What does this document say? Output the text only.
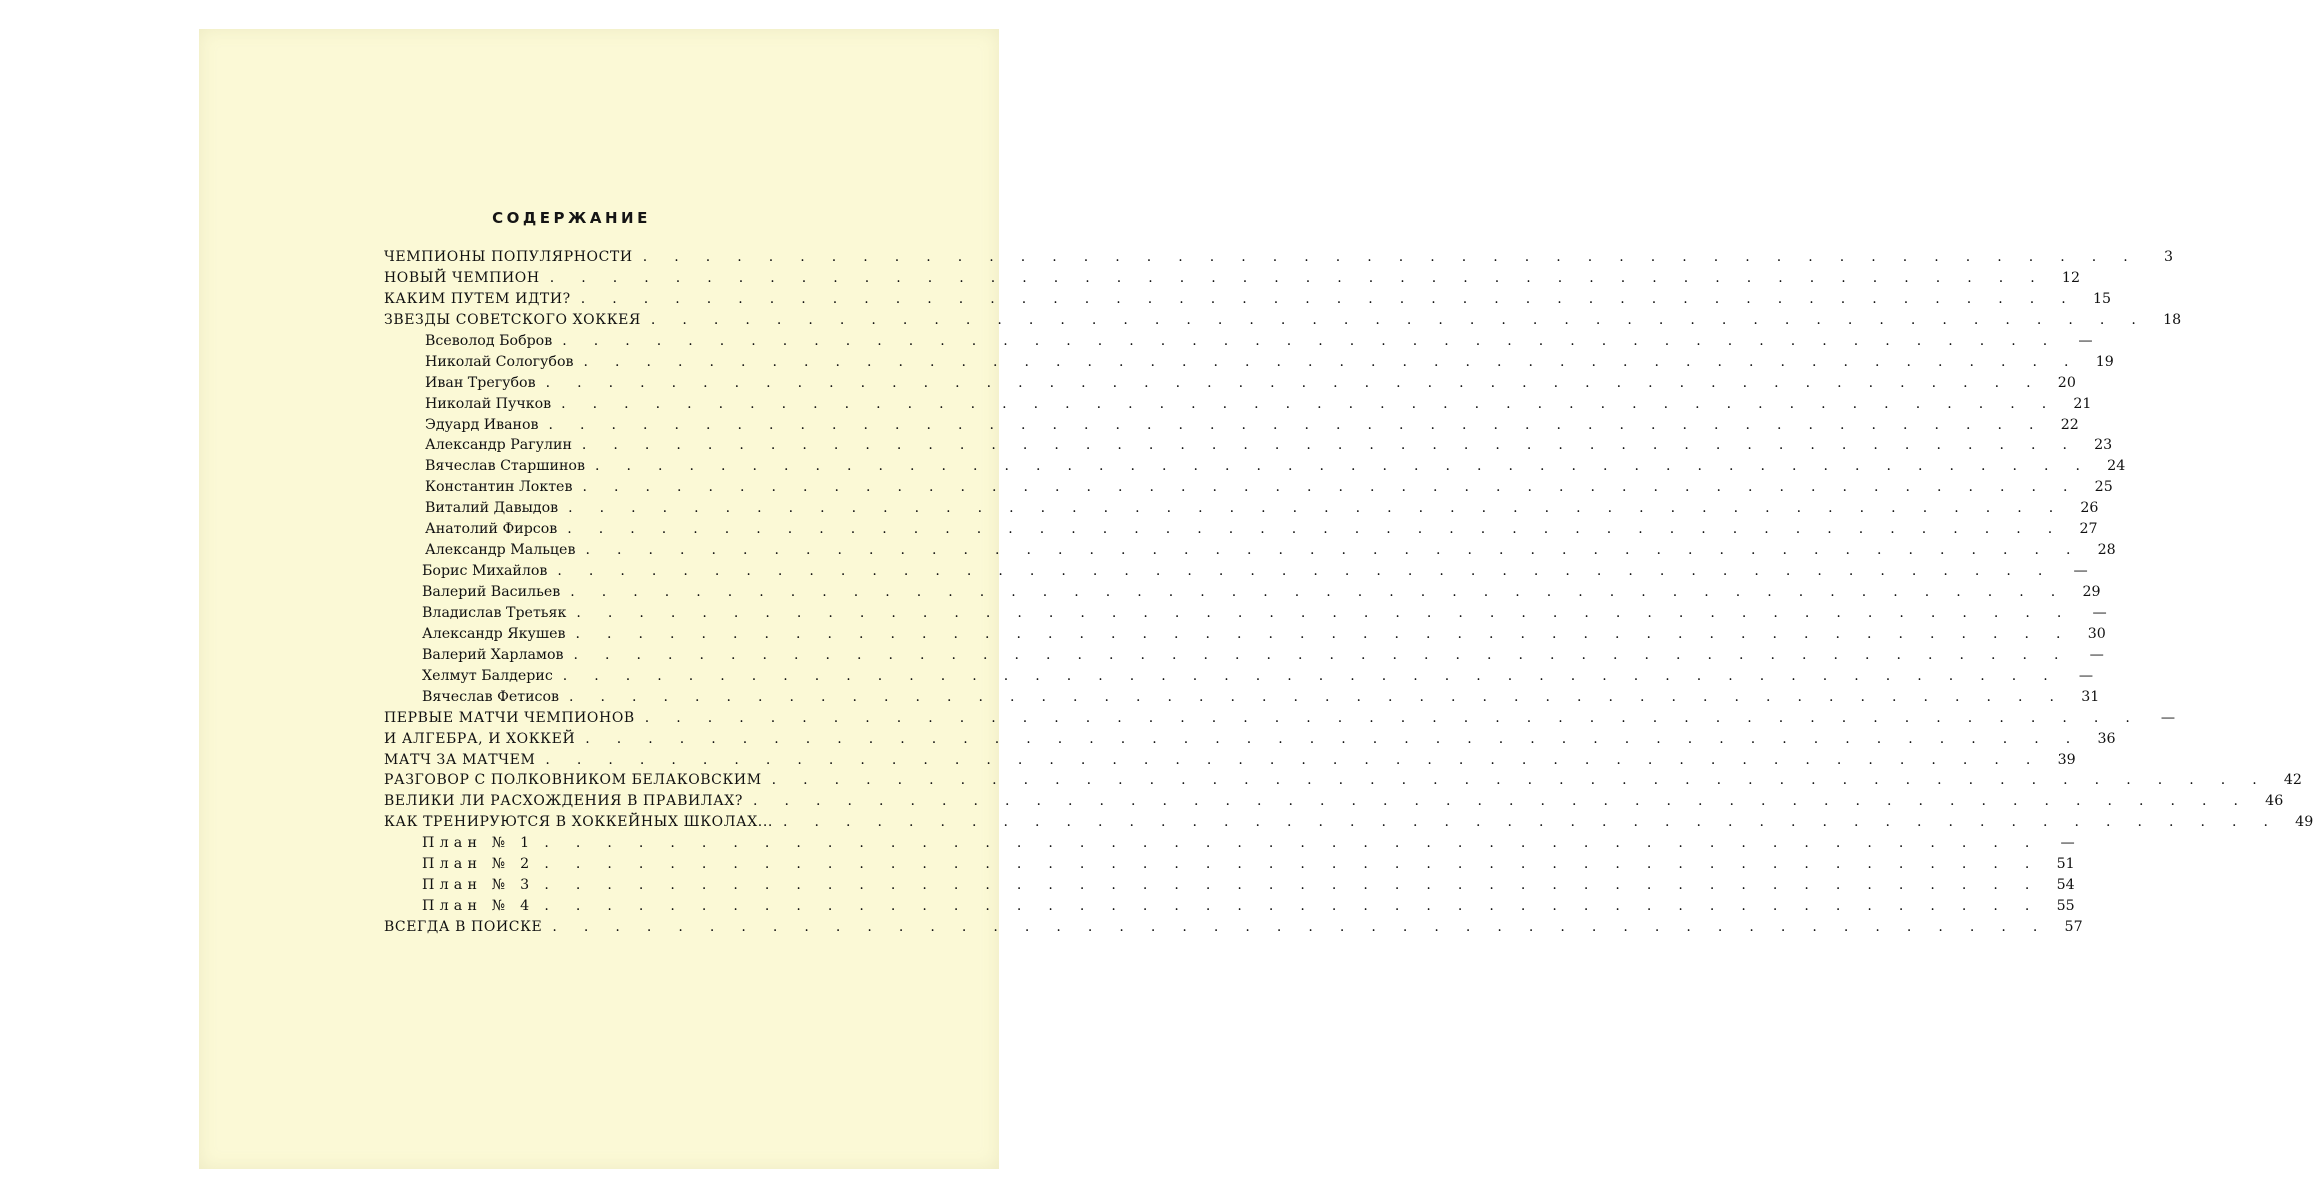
СОДЕРЖАНИЕ
ЧЕМПИОНЫ ПОПУЛЯРНОСТИ . . . . . . . . . . . . . . . . . . . . . . . . . . . . . . . . . . . . . . . . . . . . . . . .	3
НОВЫЙ ЧЕМПИОН . . . . . . . . . . . . . . . . . . . . . . . . . . . . . . . . . . . . . . . . . . . . . . . .	12
КАКИМ ПУТЕМ ИДТИ? . . . . . . . . . . . . . . . . . . . . . . . . . . . . . . . . . . . . . . . . . . . . . . . .	15
ЗВЕЗДЫ СОВЕТСКОГО ХОККЕЯ . . . . . . . . . . . . . . . . . . . . . . . . . . . . . . . . . . . . . . . . . . . . . . . .	18
Всеволод Бобров . . . . . . . . . . . . . . . . . . . . . . . . . . . . . . . . . . . . . . . . . . . . . . . .	—
Николай Сологубов . . . . . . . . . . . . . . . . . . . . . . . . . . . . . . . . . . . . . . . . . . . . . . . .	19
Иван Трегубов . . . . . . . . . . . . . . . . . . . . . . . . . . . . . . . . . . . . . . . . . . . . . . . .	20
Николай Пучков . . . . . . . . . . . . . . . . . . . . . . . . . . . . . . . . . . . . . . . . . . . . . . . .	21
Эдуард Иванов . . . . . . . . . . . . . . . . . . . . . . . . . . . . . . . . . . . . . . . . . . . . . . . .	22
Александр Рагулин . . . . . . . . . . . . . . . . . . . . . . . . . . . . . . . . . . . . . . . . . . . . . . . .	23
Вячеслав Старшинов . . . . . . . . . . . . . . . . . . . . . . . . . . . . . . . . . . . . . . . . . . . . . . . .	24
Константин Локтев . . . . . . . . . . . . . . . . . . . . . . . . . . . . . . . . . . . . . . . . . . . . . . . .	25
Виталий Давыдов . . . . . . . . . . . . . . . . . . . . . . . . . . . . . . . . . . . . . . . . . . . . . . . .	26
Анатолий Фирсов . . . . . . . . . . . . . . . . . . . . . . . . . . . . . . . . . . . . . . . . . . . . . . . .	27
Александр Мальцев . . . . . . . . . . . . . . . . . . . . . . . . . . . . . . . . . . . . . . . . . . . . . . . .	28
Борис Михайлов . . . . . . . . . . . . . . . . . . . . . . . . . . . . . . . . . . . . . . . . . . . . . . . .	—
Валерий Васильев . . . . . . . . . . . . . . . . . . . . . . . . . . . . . . . . . . . . . . . . . . . . . . . .	29
Владислав Третьяк . . . . . . . . . . . . . . . . . . . . . . . . . . . . . . . . . . . . . . . . . . . . . . . .	—
Александр Якушев . . . . . . . . . . . . . . . . . . . . . . . . . . . . . . . . . . . . . . . . . . . . . . . .	30
Валерий Харламов . . . . . . . . . . . . . . . . . . . . . . . . . . . . . . . . . . . . . . . . . . . . . . . .	—
Хелмут Балдерис . . . . . . . . . . . . . . . . . . . . . . . . . . . . . . . . . . . . . . . . . . . . . . . .	—
Вячеслав Фетисов . . . . . . . . . . . . . . . . . . . . . . . . . . . . . . . . . . . . . . . . . . . . . . . .	31
ПЕРВЫЕ МАТЧИ ЧЕМПИОНОВ . . . . . . . . . . . . . . . . . . . . . . . . . . . . . . . . . . . . . . . . . . . . . . . .	—
И АЛГЕБРА, И ХОККЕЙ . . . . . . . . . . . . . . . . . . . . . . . . . . . . . . . . . . . . . . . . . . . . . . . .	36
МАТЧ ЗА МАТЧЕМ . . . . . . . . . . . . . . . . . . . . . . . . . . . . . . . . . . . . . . . . . . . . . . . .	39
РАЗГОВОР С ПОЛКОВНИКОМ БЕЛАКОВСКИМ . . . . . . . . . . . . . . . . . . . . . . . . . . . . . . . . . . . . . . . . . . . . . . . .	42
ВЕЛИКИ ЛИ РАСХОЖДЕНИЯ В ПРАВИЛАХ? . . . . . . . . . . . . . . . . . . . . . . . . . . . . . . . . . . . . . . . . . . . . . . . .	46
КАК ТРЕНИРУЮТСЯ В ХОККЕЙНЫХ ШКОЛАХ... . . . . . . . . . . . . . . . . . . . . . . . . . . . . . . . . . . . . . . . . . . . . . . . .	49
План № 1 . . . . . . . . . . . . . . . . . . . . . . . . . . . . . . . . . . . . . . . . . . . . . . . .	—
План № 2 . . . . . . . . . . . . . . . . . . . . . . . . . . . . . . . . . . . . . . . . . . . . . . . .	51
План № 3 . . . . . . . . . . . . . . . . . . . . . . . . . . . . . . . . . . . . . . . . . . . . . . . .	54
План № 4 . . . . . . . . . . . . . . . . . . . . . . . . . . . . . . . . . . . . . . . . . . . . . . . .	55
ВСЕГДА В ПОИСКЕ . . . . . . . . . . . . . . . . . . . . . . . . . . . . . . . . . . . . . . . . . . . . . . . .	57
